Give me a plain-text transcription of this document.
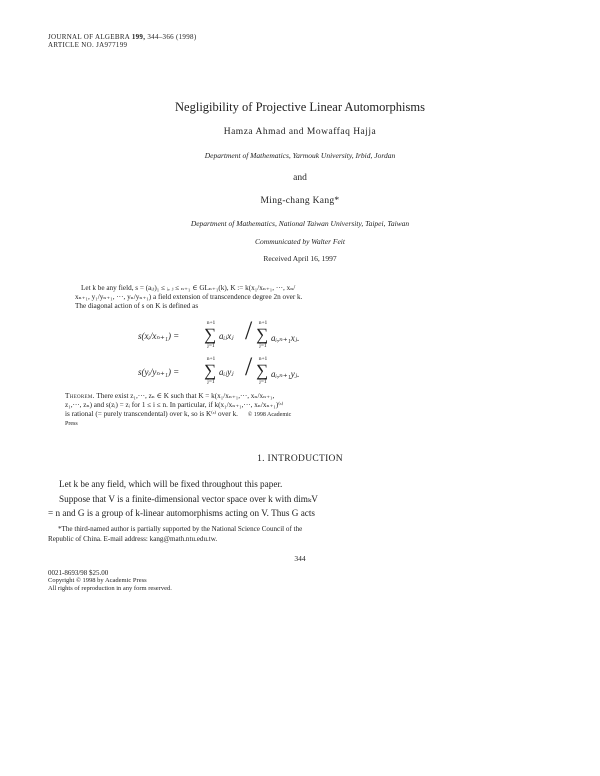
JOURNAL OF ALGEBRA 199, 344–366 (1998)
ARTICLE NO. JA977199
Negligibility of Projective Linear Automorphisms
Hamza Ahmad and Mowaffaq Hajja
Department of Mathematics, Yarmouk University, Irbid, Jordan
and
Ming-chang Kang*
Department of Mathematics, National Taiwan University, Taipei, Taiwan
Communicated by Walter Feit
Received April 16, 1997
Let k be any field, s = (aᵢⱼ)₁ ≤ ᵢ, ⱼ ≤ ₙ₊₁ ∈ GLₙ₊₁(k), K := k(x₁/xₙ₊₁, ···, xₙ/
xₙ₊₁, y₁/yₙ₊₁, ···, yₙ/yₙ₊₁) a field extension of transcendence degree 2n over k.
The diagonal action of s on K is defined as
s(xᵢ/xₙ₊₁) =
n+1
∑
j=1
aᵢⱼxⱼ /	n+1
∑
j=1
aᵢ,ₙ₊₁xⱼ.
s(yᵢ/yₙ₊₁) =
n+1
∑
j=1
aᵢⱼyⱼ /	n+1
∑
j=1
aᵢ,ₙ₊₁yⱼ.
Theorem. There exist z₁,···, zₙ ∈ K such that K = k(x₁/xₙ₊₁,···, xₙ/xₙ₊₁,
z₁,···, zₙ) and s(zᵢ) = zᵢ for 1 ≤ i ≤ n. In particular, if k(x₁/xₙ₊₁,···, xₙ/xₙ₊₁)⁽ˢ⁾
is rational (= purely transcendental) over k, so is K⁽ˢ⁾ over k. © 1998 Academic
Press
1. INTRODUCTION
Let k be any field, which will be fixed throughout this paper.
Suppose that V is a finite-dimensional vector space over k with dimₖV
= n and G is a group of k-linear automorphisms acting on V. Thus G acts
*The third-named author is partially supported by the National Science Council of the
Republic of China. E-mail address: kang@math.ntu.edu.tw.
344
0021-8693/98 $25.00
Copyright © 1998 by Academic Press
All rights of reproduction in any form reserved.
